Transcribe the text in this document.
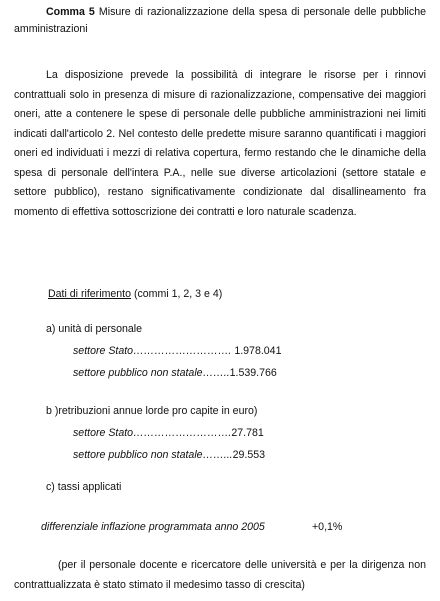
Comma 5 Misure di razionalizzazione della spesa di personale delle pubbliche amministrazioni
La disposizione prevede la possibilità di integrare le risorse per i rinnovi contrattuali solo in presenza di misure di razionalizzazione, compensative dei maggiori oneri, atte a contenere le spese di personale delle pubbliche amministrazioni nei limiti indicati dall'articolo 2. Nel contesto delle predette misure saranno quantificati i maggiori oneri ed individuati i mezzi di relativa copertura, fermo restando che le dinamiche della spesa di personale dell'intera P.A., nelle sue diverse articolazioni (settore statale e settore pubblico), restano significativamente condizionate dal disallineamento fra momento di effettiva sottoscrizione dei contratti e loro naturale scadenza.
Dati di riferimento (commi 1, 2, 3 e 4)
a) unità di personale
settore Stato………………………. 1.978.041
settore pubblico non statale……..1.539.766
b )retribuzioni annue lorde pro capite in euro)
settore Stato……………………….27.781
settore pubblico non statale……...29.553
c) tassi applicati
differenziale inflazione programmata anno 2005	+0,1%
(per il personale docente e ricercatore delle università e per la dirigenza non contrattualizzata è stato stimato il medesimo tasso di crescita)
